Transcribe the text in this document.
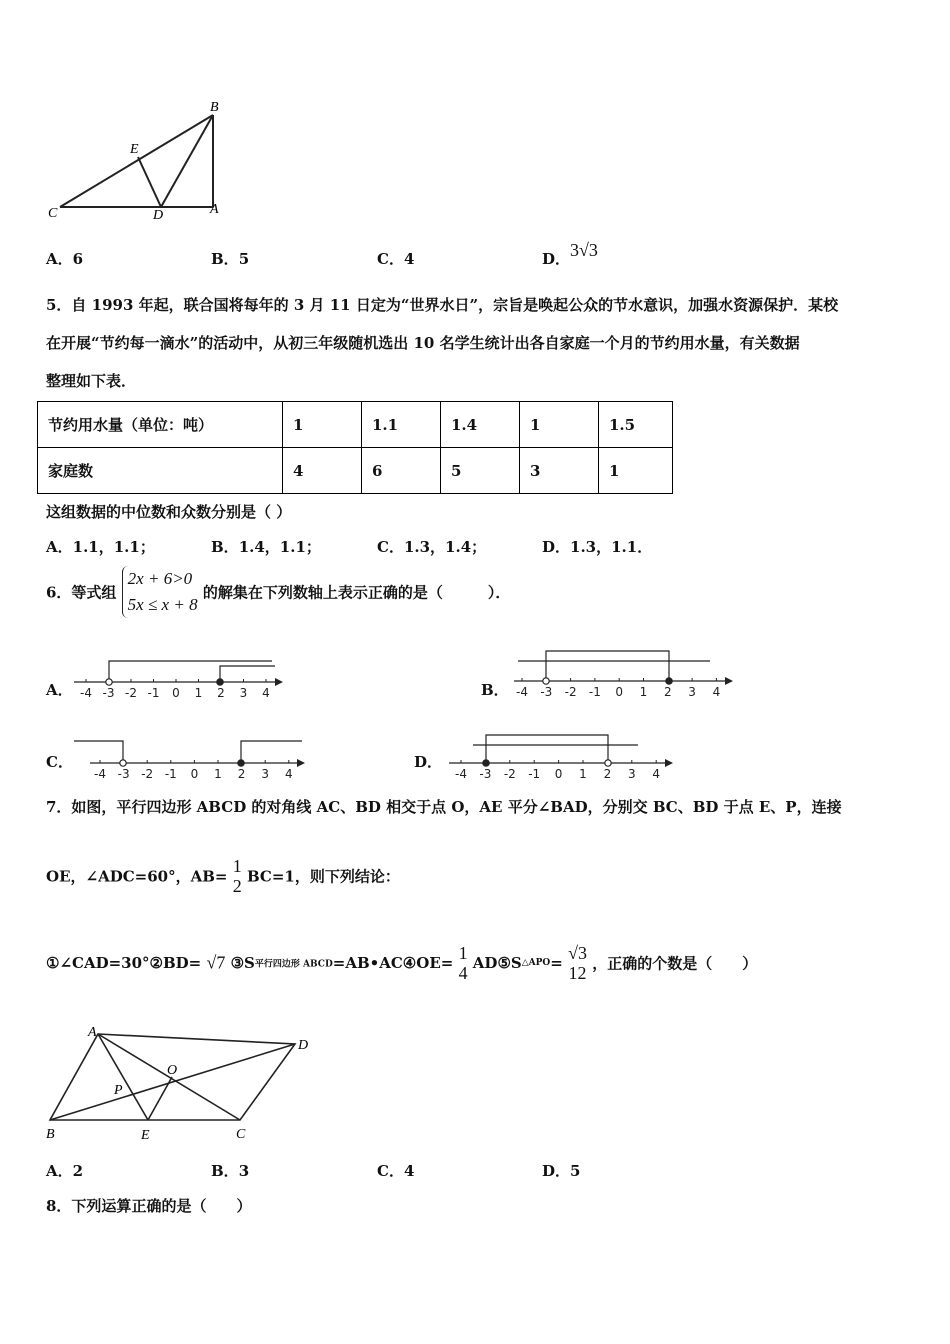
B
E
C	D	A
A．6	B．5	C．4	D．3√3
5．自 1993 年起，联合国将每年的 3 月 11 日定为“世界水日”，宗旨是唤起公众的节水意识，加强水资源保护．某校
在开展“节约每一滴水”的活动中，从初三年级随机选出 10 名学生统计出各自家庭一个月的节约用水量，有关数据
整理如下表．
节约用水量（单位：吨）	1	1.1	1.4	1	1.5
家庭数	4	6	5	3	1
这组数据的中位数和众数分别是（ ）
A．1.1，1.1；	B．1.4，1.1；	C．1.3，1.4；	D．1.3，1.1．
6．等式组
2x + 6>0
5x ≤ x + 8
的解集在下列数轴上表示正确的是（　　　）．
A． -4 -3 -2 -1 0 1 2 3 4	B． -4 -3 -2 -1 0 1 2 3 4
C．
-4 -3 -2 -1 0 1 2 3 4
D．
-4 -3 -2 -1 0 1 2 3 4
7．如图，平行四边形 ABCD 的对角线 AC、BD 相交于点 O，AE 平分∠BAD，分别交 BC、BD 于点 E、P，连接
OE，∠ADC=60°，AB=
1
2 BC=1，则下列结论：
①∠CAD=30°②BD= √7 ③S平行四边形 ABCD=AB•AC④OE= 1
4 AD⑤S△APO= √3
12 ，正确的个数是（　　）
A
D
O
P
B	E	C
A．2	B．3	C．4	D．5
8．下列运算正确的是（　　）
